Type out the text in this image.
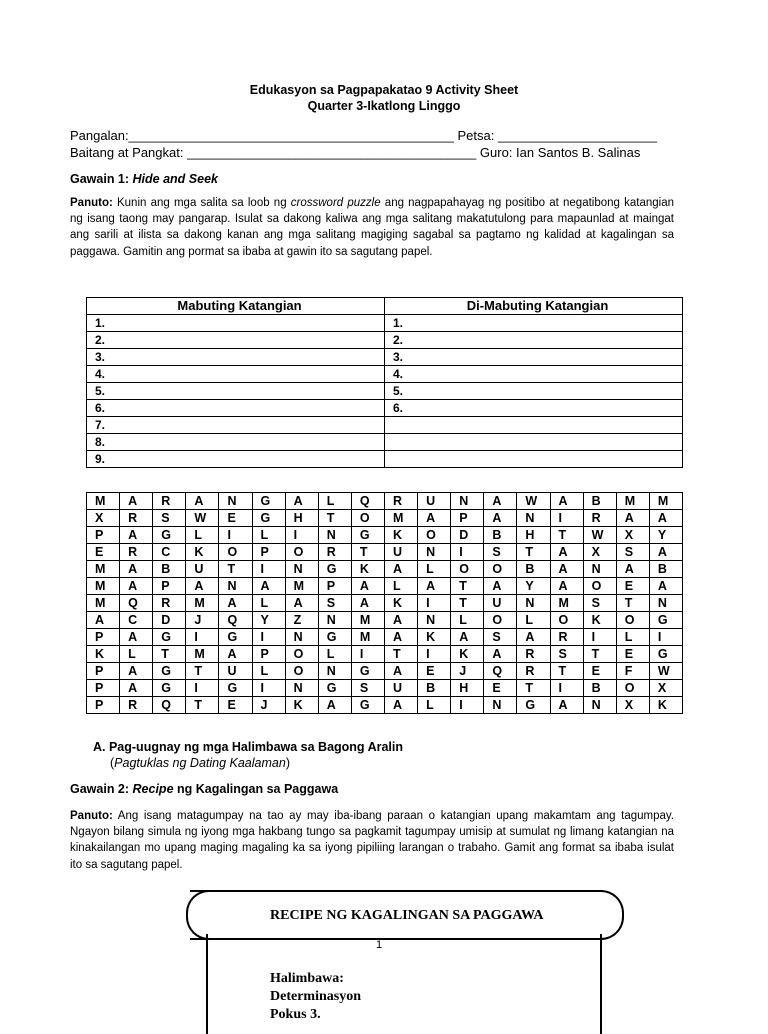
Edukasyon sa Pagpapakatao 9 Activity Sheet
Quarter 3-Ikatlong Linggo
Pangalan:_____________________________________________ Petsa: ______________________
Baitang at Pangkat: ________________________________________ Guro: Ian Santos B. Salinas
Gawain 1: Hide and Seek
Panuto: Kunin ang mga salita sa loob ng crossword puzzle ang nagpapahayag ng positibo at negatibong katangian ng isang taong may pangarap. Isulat sa dakong kaliwa ang mga salitang makatutulong para mapaunlad at maingat ang sarili at ilista sa dakong kanan ang mga salitang magiging sagabal sa pagtamo ng kalidad at kagalingan sa paggawa. Gamitin ang pormat sa ibaba at gawin ito sa sagutang papel.
Mabuting Katangian	Di-Mabuting Katangian
1.	1.
2.	2.
3.	3.
4.	4.
5.	5.
6.	6.
7.	
8.	
9.	
M	A	R	A	N	G	A	L	Q	R	U	N	A	W	A	B	M	M
X	R	S	W	E	G	H	T	O	M	A	P	A	N	I	R	A	A
P	A	G	L	I	L	I	N	G	K	O	D	B	H	T	W	X	Y
E	R	C	K	O	P	O	R	T	U	N	I	S	T	A	X	S	A
M	A	B	U	T	I	N	G	K	A	L	O	O	B	A	N	A	B
M	A	P	A	N	A	M	P	A	L	A	T	A	Y	A	O	E	A
M	Q	R	M	A	L	A	S	A	K	I	T	U	N	M	S	T	N
A	C	D	J	Q	Y	Z	N	M	A	N	L	O	L	O	K	O	G
P	A	G	I	G	I	N	G	M	A	K	A	S	A	R	I	L	I
K	L	T	M	A	P	O	L	I	T	I	K	A	R	S	T	E	G
P	A	G	T	U	L	O	N	G	A	E	J	Q	R	T	E	F	W
P	A	G	I	G	I	N	G	S	U	B	H	E	T	I	B	O	X
P	R	Q	T	E	J	K	A	G	A	L	I	N	G	A	N	X	K
A. Pag-uugnay ng mga Halimbawa sa Bagong Aralin
(Pagtuklas ng Dating Kaalaman)
Gawain 2: Recipe ng Kagalingan sa Paggawa
Panuto: Ang isang matagumpay na tao ay may iba-ibang paraan o katangian upang makamtam ang tagumpay. Ngayon bilang simula ng iyong mga hakbang tungo sa pagkamit tagumpay umisip at sumulat ng limang katangian na kinakailangan mo upang maging magaling ka sa iyong pipiliing larangan o trabaho. Gamit ang format sa ibaba isulat ito sa sagutang papel.
RECIPE NG KAGALINGAN SA PAGGAWA
1
Halimbawa:
Determinasyon
Pokus 3.
